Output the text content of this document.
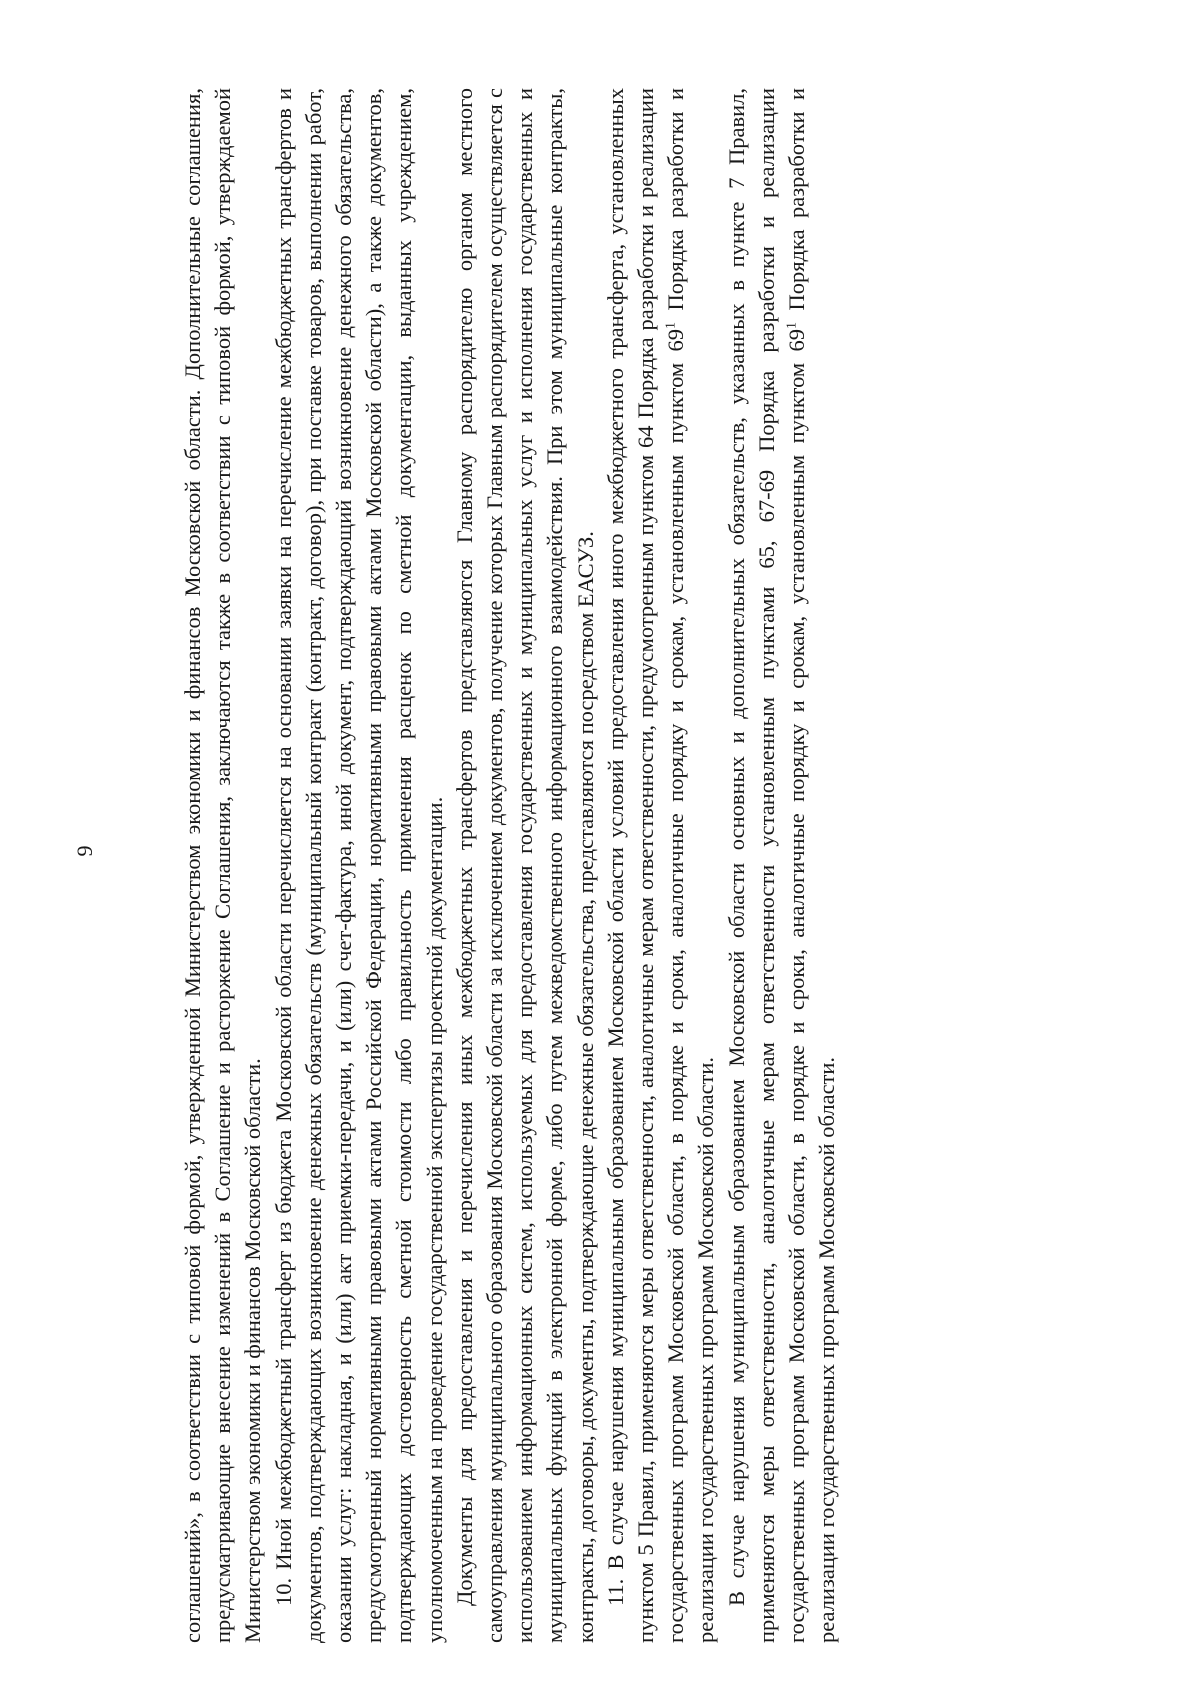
9	соглашений», в соответствии с типовой формой, утвержденной Министерством экономики и финансов Московской области. Дополнительные соглашения, предусматривающие внесение изменений в Соглашение и расторжение Соглашения, заключаются также в соответствии с типовой формой, утверждаемой Министерством экономики и финансов Московской области. 10. Иной межбюджетный трансферт из бюджета Московской области перечисляется на основании заявки на перечисление межбюджетных трансфертов и документов, подтверждающих возникновение денежных обязательств (муниципальный контракт (контракт, договор), при поставке товаров, выполнении работ, оказании услуг: накладная, и (или) акт приемки-передачи, и (или) счет-фактура, иной документ, подтверждающий возникновение денежного обязательства, предусмотренный нормативными правовыми актами Российской Федерации, нормативными правовыми актами Московской области), а также документов, подтверждающих достоверность сметной стоимости либо правильность применения расценок по сметной документации, выданных учреждением, уполномоченным на проведение государственной экспертизы проектной документации. Документы для предоставления и перечисления иных межбюджетных трансфертов представляются Главному распорядителю органом местного самоуправления муниципального образования Московской области за исключением документов, получение которых Главным распорядителем осуществляется с использованием информационных систем, используемых для предоставления государственных и муниципальных услуг и исполнения государственных и муниципальных функций в электронной форме, либо путем межведомственного информационного взаимодействия. При этом муниципальные контракты, контракты, договоры, документы, подтверждающие денежные обязательства, представляются посредством ЕАСУЗ. 11. В случае нарушения муниципальным образованием Московской области условий предоставления иного межбюджетного трансферта, установленных пунктом 5 Правил, применяются меры ответственности, аналогичные мерам ответственности, предусмотренным пунктом 64 Порядка разработки и реализации государственных программ Московской области, в порядке и сроки, аналогичные порядку и срокам, установленным пунктом $69^1$ Порядка разработки и реализации государственных программ Московской области. В случае нарушения муниципальным образованием Московской области основных и дополнительных обязательств, указанных в пункте 7 Правил, применяются меры ответственности, аналогичные мерам ответственности установленным пунктами 65, 67-69 Порядка разработки и реализации государственных программ Московской области, в порядке и сроки, аналогичные порядку и срокам, установленным пунктом $69^1$ Порядка разработки и реализации государственных программ Московской области.
